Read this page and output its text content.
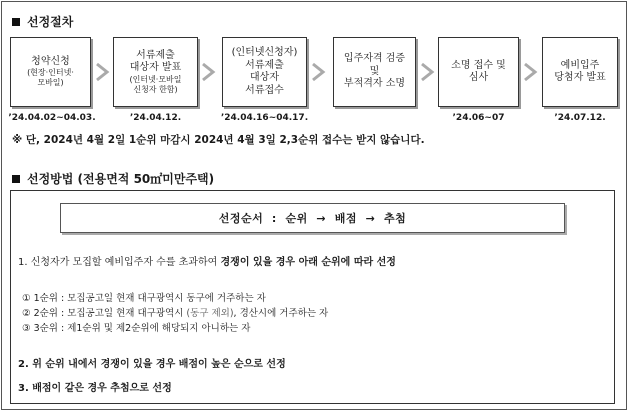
선정절차
청약신청
(현장·인터넷·
모바일)
서류제출
대상자 발표
(인터넷·모바일
신청자 한함)
(인터넷신청자)
서류제출
대상자
서류접수
입주자격 검증
및
부적격자 소명
소명 접수 및
심사
예비입주
당첨자 발표
’24.04.02~04.03.	’24.04.12.	’24.04.16~04.17.	’24.06~07	’24.07.12.
※ 단, 2024년 4월 2일 1순위 마감시 2024년 4월 3일 2,3순위 접수는 받지 않습니다.
선정방법 (전용면적 50㎡미만주택)
선정순서  :  순위  →  배점  →  추첨
1. 신청자가 모집할 예비입주자 수를 초과하여 경쟁이 있을 경우 아래 순위에 따라 선정
① 1순위 : 모집공고일 현재 대구광역시 동구에 거주하는 자
② 2순위 : 모집공고일 현재 대구광역시 (동구 제외), 경산시에 거주하는 자
③ 3순위 : 제1순위 및 제2순위에 해당되지 아니하는 자
2. 위 순위 내에서 경쟁이 있을 경우 배점이 높은 순으로 선정
3. 배점이 같은 경우 추첨으로 선정
